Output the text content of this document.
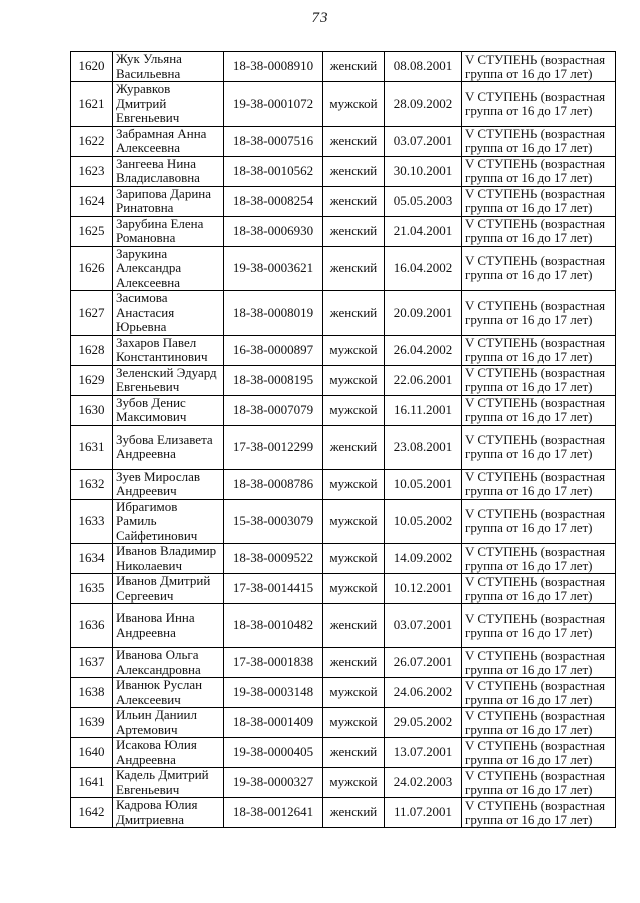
73
1620	Жук Ульяна
Васильевна	18-38-0008910	женский	08.08.2001	V СТУПЕНЬ (возрастная
группа от 16 до 17 лет)
1621	Журавков
Дмитрий
Евгеньевич	19-38-0001072	мужской	28.09.2002	V СТУПЕНЬ (возрастная
группа от 16 до 17 лет)
1622	Забрамная Анна
Алексеевна	18-38-0007516	женский	03.07.2001	V СТУПЕНЬ (возрастная
группа от 16 до 17 лет)
1623	Зангеева Нина
Владиславовна	18-38-0010562	женский	30.10.2001	V СТУПЕНЬ (возрастная
группа от 16 до 17 лет)
1624	Зарипова Дарина
Ринатовна	18-38-0008254	женский	05.05.2003	V СТУПЕНЬ (возрастная
группа от 16 до 17 лет)
1625	Зарубина Елена
Романовна	18-38-0006930	женский	21.04.2001	V СТУПЕНЬ (возрастная
группа от 16 до 17 лет)
1626	Зарукина
Александра
Алексеевна	19-38-0003621	женский	16.04.2002	V СТУПЕНЬ (возрастная
группа от 16 до 17 лет)
1627	Засимова
Анастасия
Юрьевна	18-38-0008019	женский	20.09.2001	V СТУПЕНЬ (возрастная
группа от 16 до 17 лет)
1628	Захаров Павел
Константинович	16-38-0000897	мужской	26.04.2002	V СТУПЕНЬ (возрастная
группа от 16 до 17 лет)
1629	Зеленский Эдуард
Евгеньевич	18-38-0008195	мужской	22.06.2001	V СТУПЕНЬ (возрастная
группа от 16 до 17 лет)
1630	Зубов Денис
Максимович	18-38-0007079	мужской	16.11.2001	V СТУПЕНЬ (возрастная
группа от 16 до 17 лет)
1631	Зубова Елизавета
Андреевна	17-38-0012299	женский	23.08.2001	V СТУПЕНЬ (возрастная
группа от 16 до 17 лет)
1632	Зуев Мирослав
Андреевич	18-38-0008786	мужской	10.05.2001	V СТУПЕНЬ (возрастная
группа от 16 до 17 лет)
1633	Ибрагимов
Рамиль
Сайфетинович	15-38-0003079	мужской	10.05.2002	V СТУПЕНЬ (возрастная
группа от 16 до 17 лет)
1634	Иванов Владимир
Николаевич	18-38-0009522	мужской	14.09.2002	V СТУПЕНЬ (возрастная
группа от 16 до 17 лет)
1635	Иванов Дмитрий
Сергеевич	17-38-0014415	мужской	10.12.2001	V СТУПЕНЬ (возрастная
группа от 16 до 17 лет)
1636	Иванова Инна
Андреевна	18-38-0010482	женский	03.07.2001	V СТУПЕНЬ (возрастная
группа от 16 до 17 лет)
1637	Иванова Ольга
Александровна	17-38-0001838	женский	26.07.2001	V СТУПЕНЬ (возрастная
группа от 16 до 17 лет)
1638	Иванюк Руслан
Алексеевич	19-38-0003148	мужской	24.06.2002	V СТУПЕНЬ (возрастная
группа от 16 до 17 лет)
1639	Ильин Даниил
Артемович	18-38-0001409	мужской	29.05.2002	V СТУПЕНЬ (возрастная
группа от 16 до 17 лет)
1640	Исакова Юлия
Андреевна	19-38-0000405	женский	13.07.2001	V СТУПЕНЬ (возрастная
группа от 16 до 17 лет)
1641	Кадель Дмитрий
Евгеньевич	19-38-0000327	мужской	24.02.2003	V СТУПЕНЬ (возрастная
группа от 16 до 17 лет)
1642	Кадрова Юлия
Дмитриевна	18-38-0012641	женский	11.07.2001	V СТУПЕНЬ (возрастная
группа от 16 до 17 лет)
